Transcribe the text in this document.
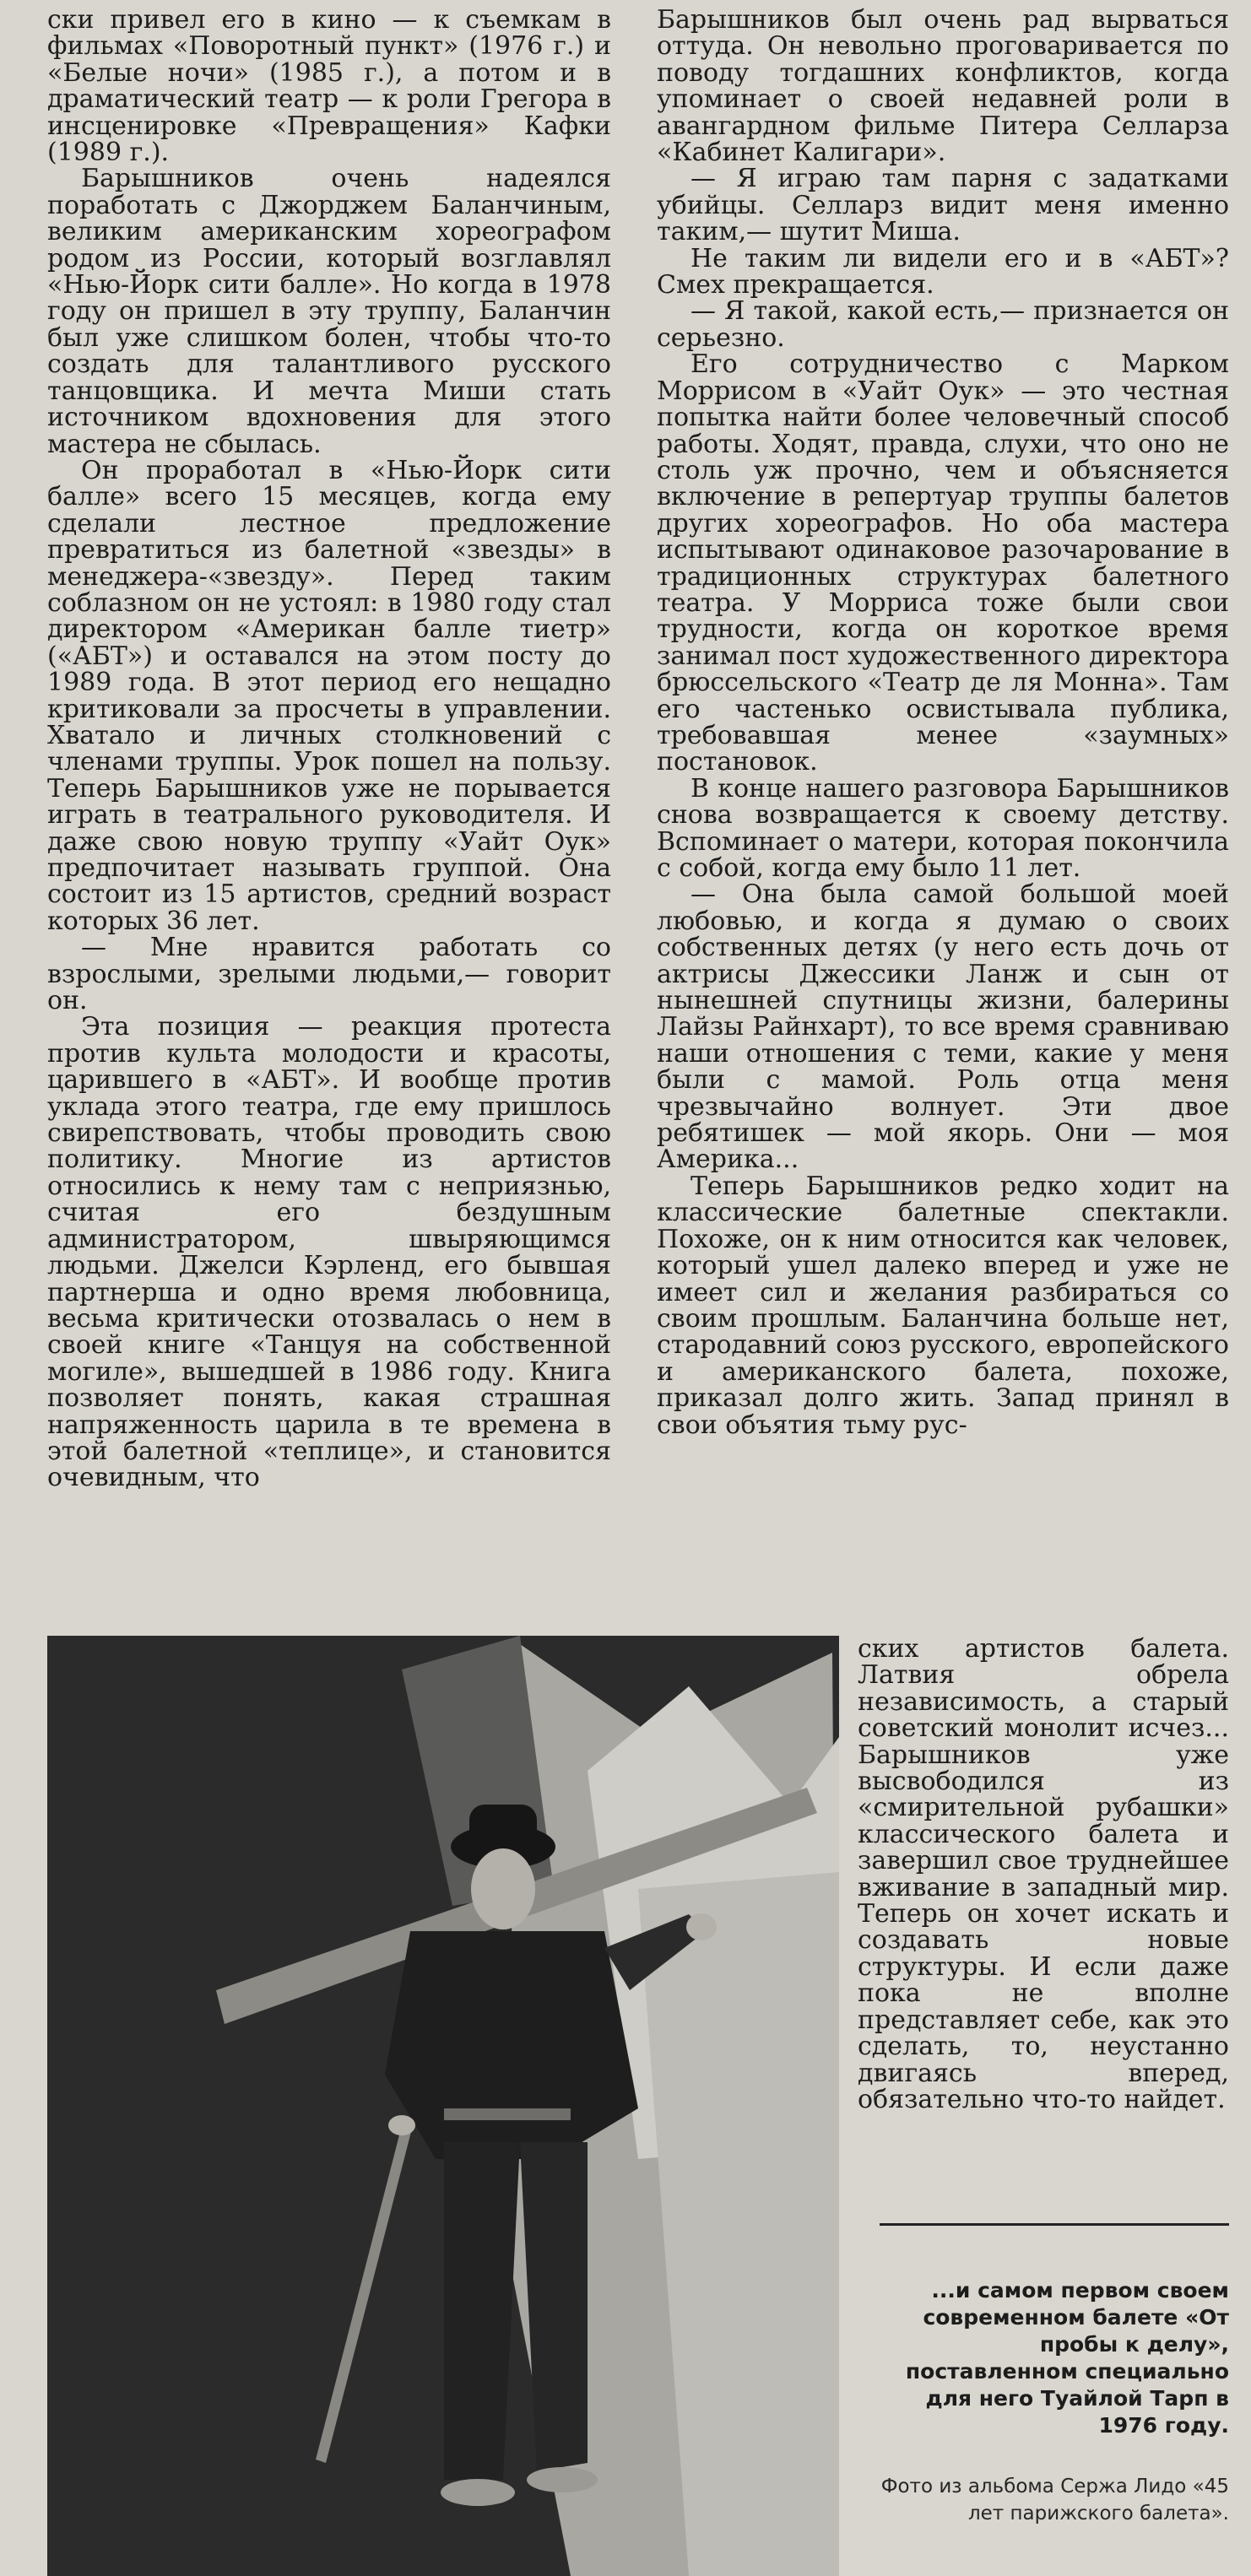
ски привел его в кино — к съемкам в фильмах «Поворотный пункт» (1976 г.) и «Белые ночи» (1985 г.), а потом и в драматический театр — к роли Грегора в инсценировке «Превращения» Кафки (1989 г.).

Барышников очень надеялся поработать с Джорджем Баланчиным, великим американским хореографом родом из России, который возглавлял «Нью-Йорк сити балле». Но когда в 1978 году он пришел в эту труппу, Баланчин был уже слишком болен, чтобы что-то создать для талантливого русского танцовщика. И мечта Миши стать источником вдохновения для этого мастера не сбылась.

Он проработал в «Нью-Йорк сити балле» всего 15 месяцев, когда ему сделали лестное предложение превратиться из балетной «звезды» в менеджера-«звезду». Перед таким соблазном он не устоял: в 1980 году стал директором «Американ балле тиетр» («АБТ») и оставался на этом посту до 1989 года. В этот период его нещадно критиковали за просчеты в управлении. Хватало и личных столкновений с членами труппы. Урок пошел на пользу. Теперь Барышников уже не порывается играть в театрального руководителя. И даже свою новую труппу «Уайт Оук» предпочитает называть группой. Она состоит из 15 артистов, средний возраст которых 36 лет.

— Мне нравится работать со взрослыми, зрелыми людьми,— говорит он.

Эта позиция — реакция протеста против культа молодости и красоты, царившего в «АБТ». И вообще против уклада этого театра, где ему пришлось свирепствовать, чтобы проводить свою политику. Многие из артистов относились к нему там с неприязнью, считая его бездушным администратором, швыряющимся людьми. Джелси Кэрленд, его бывшая партнерша и одно время любовница, весьма критически отозвалась о нем в своей книге «Танцуя на собственной могиле», вышедшей в 1986 году. Книга позволяет понять, какая страшная напряженность царила в те времена в этой балетной «теплице», и становится очевидным, что

Барышников был очень рад вырваться оттуда. Он невольно проговаривается по поводу тогдашних конфликтов, когда упоминает о своей недавней роли в авангардном фильме Питера Селларза «Кабинет Калигари».

— Я играю там парня с задатками убийцы. Селларз видит меня именно таким,— шутит Миша.

Не таким ли видели его и в «АБТ»? Смех прекращается.

— Я такой, какой есть,— признается он серьезно.

Его сотрудничество с Марком Моррисом в «Уайт Оук» — это честная попытка найти более человечный способ работы. Ходят, правда, слухи, что оно не столь уж прочно, чем и объясняется включение в репертуар труппы балетов других хореографов. Но оба мастера испытывают одинаковое разочарование в традиционных структурах балетного театра. У Морриса тоже были свои трудности, когда он короткое время занимал пост художественного директора брюссельского «Театр де ля Монна». Там его частенько освистывала публика, требовавшая менее «заумных» постановок.

В конце нашего разговора Барышников снова возвращается к своему детству. Вспоминает о матери, которая покончила с собой, когда ему было 11 лет.

— Она была самой большой моей любовью, и когда я думаю о своих собственных детях (у него есть дочь от актрисы Джессики Ланж и сын от нынешней спутницы жизни, балерины Лайзы Райнхарт), то все время сравниваю наши отношения с теми, какие у меня были с мамой. Роль отца меня чрезвычайно волнует. Эти двое ребятишек — мой якорь. Они — моя Америка...

Теперь Барышников редко ходит на классические балетные спектакли. Похоже, он к ним относится как человек, который ушел далеко вперед и уже не имеет сил и желания разбираться со своим прошлым. Баланчина больше нет, стародавний союз русского, европейского и американского балета, похоже, приказал долго жить. Запад принял в свои объятия тьму рус-

ских артистов балета. Латвия обрела независимость, а старый советский монолит исчез... Барышников уже высвободился из «смирительной рубашки» классического балета и завершил свое труднейшее вживание в западный мир. Теперь он хочет искать и создавать новые структуры. И если даже пока не вполне представляет себе, как это сделать, то, неустанно двигаясь вперед, обязательно что-то найдет.

...и самом первом своем современном балете «От пробы к делу», поставленном специально для него Туайлой Тарп в 1976 году.
Фото из альбома Сержа Лидо «45 лет парижского балета».
